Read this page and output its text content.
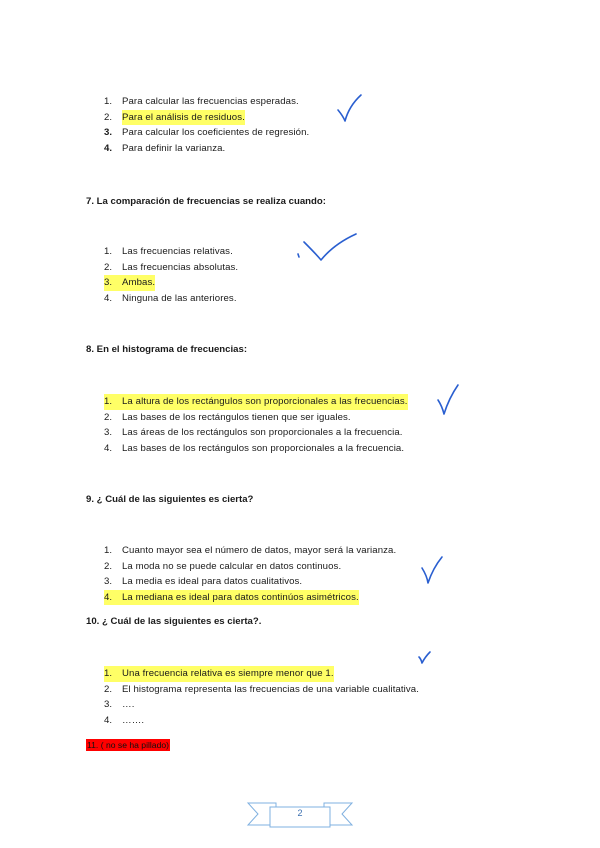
1. Para calcular las frecuencias esperadas.
2. Para el análisis de residuos.
3. Para calcular los coeficientes de regresión.
4. Para definir la varianza.
7. La comparación de frecuencias se realiza cuando:
1. Las frecuencias relativas.
2. Las frecuencias absolutas.
3. Ambas.
4. Ninguna de las anteriores.
8. En el histograma de frecuencias:
1. La altura de los rectángulos son proporcionales a las frecuencias.
2. Las bases de los rectángulos tienen que ser iguales.
3. Las áreas de los rectángulos son proporcionales a la frecuencia.
4. Las bases de los rectángulos son proporcionales a la frecuencia.
9. ¿ Cuál de las siguientes es cierta?
1. Cuanto mayor sea el número de datos, mayor será la varianza.
2. La moda no se puede calcular en datos continuos.
3. La media es ideal para datos cualitativos.
4. La mediana es ideal para datos continúos asimétricos.
10. ¿ Cuál de las siguientes es cierta?.
1. Una frecuencia relativa es siempre menor que 1.
2. El histograma representa las frecuencias de una variable cualitativa.
3. ….
4. …….
11. ( no se ha pillado)
2
